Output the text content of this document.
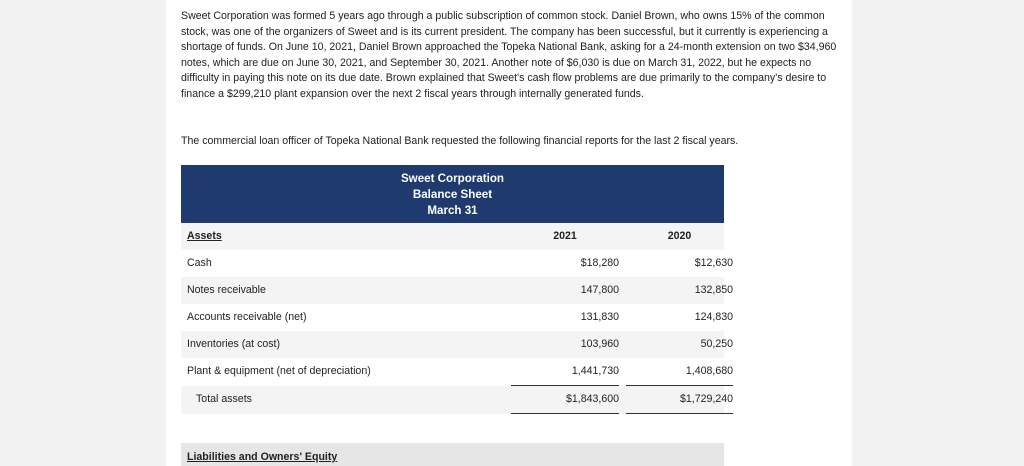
Sweet Corporation was formed 5 years ago through a public subscription of common stock. Daniel Brown, who owns 15% of the common stock, was one of the organizers of Sweet and is its current president. The company has been successful, but it currently is experiencing a shortage of funds. On June 10, 2021, Daniel Brown approached the Topeka National Bank, asking for a 24-month extension on two $34,960 notes, which are due on June 30, 2021, and September 30, 2021. Another note of $6,030 is due on March 31, 2022, but he expects no difficulty in paying this note on its due date. Brown explained that Sweet's cash flow problems are due primarily to the company's desire to finance a $299,210 plant expansion over the next 2 fiscal years through internally generated funds.

The commercial loan officer of Topeka National Bank requested the following financial reports for the last 2 fiscal years.

Sweet Corporation
Balance Sheet
March 31
Assets	2021	2020
Cash	$18,280	$12,630
Notes receivable	147,800	132,850
Accounts receivable (net)	131,830	124,830
Inventories (at cost)	103,960	50,250
Plant & equipment (net of depreciation)	1,441,730	1,408,680
Total assets	$1,843,600	$1,729,240
Liabilities and Owners' Equity
